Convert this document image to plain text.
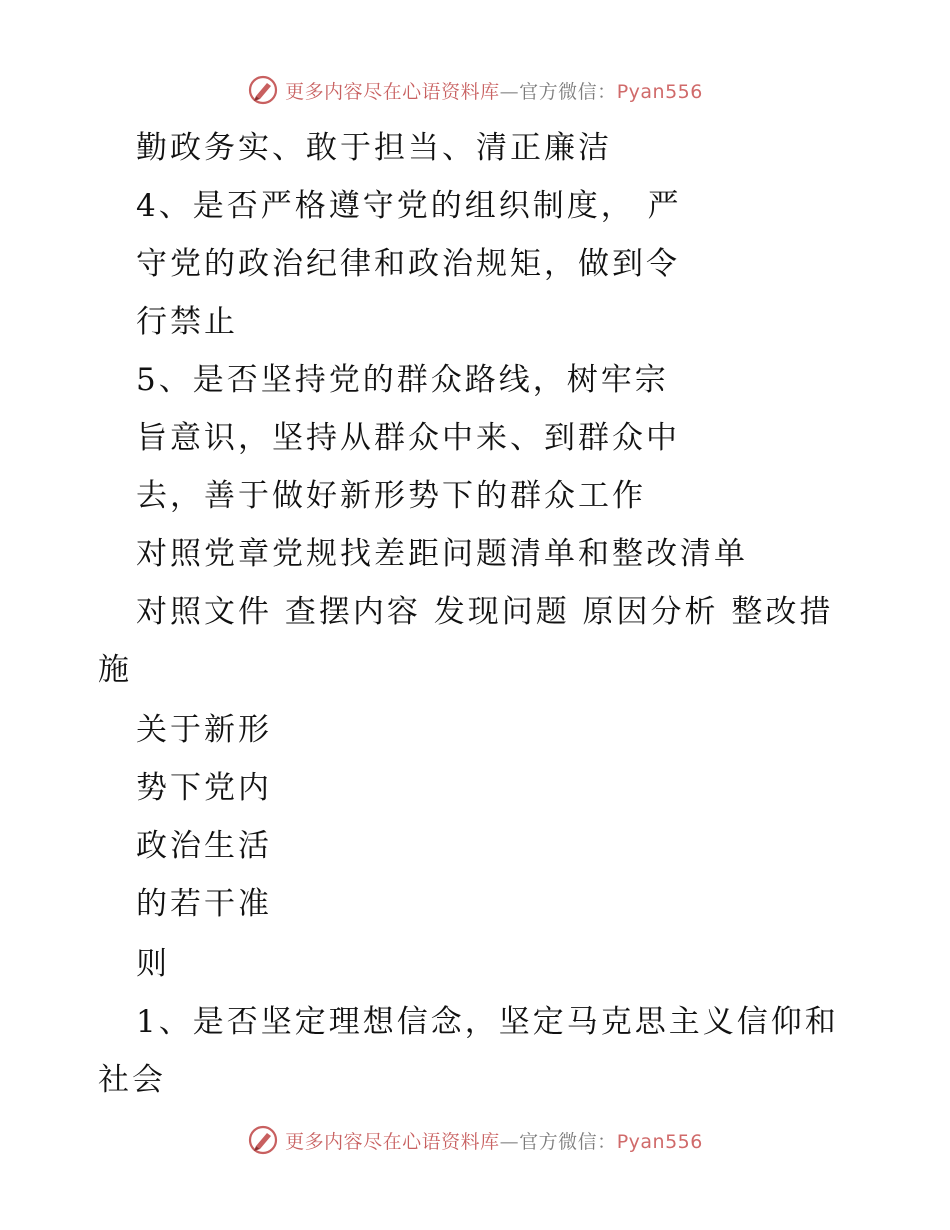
更多内容尽在心语资料库—官方微信：Pyan556
勤政务实、敢于担当、清正廉洁
4、是否严格遵守党的组织制度， 严
守党的政治纪律和政治规矩，做到令
行禁止
5、是否坚持党的群众路线，树牢宗
旨意识，坚持从群众中来、到群众中
去，善于做好新形势下的群众工作
对照党章党规找差距问题清单和整改清单
对照文件 查摆内容 发现问题 原因分析 整改措
施
关于新形
势下党内
政治生活
的若干准
则
1、是否坚定理想信念，坚定马克思主义信仰和
社会
更多内容尽在心语资料库—官方微信：Pyan556
